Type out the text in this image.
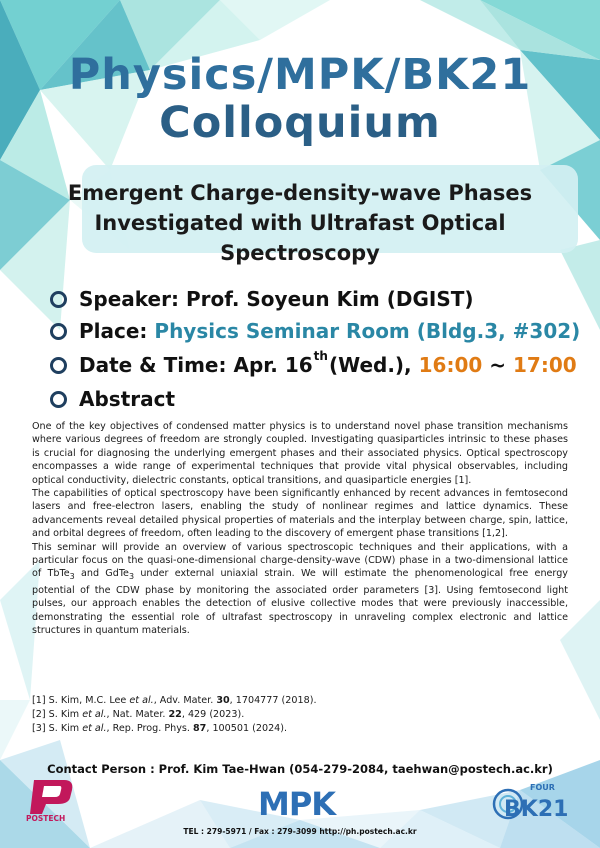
Physics/MPK/BK21
Colloquium
Emergent Charge-density-wave Phases
Investigated with Ultrafast Optical Spectroscopy
Speaker:
Prof. Soyeun Kim (DGIST)
Place:
Physics Seminar Room (Bldg.3, #302)
Date & Time:
Apr. 16 th (Wed.),
16:00 ~ 17:00
Abstract

One of the key objectives of condensed matter physics is to understand novel phase transition mechanisms where various degrees of freedom are strongly coupled. Investigating quasiparticles intrinsic to these phases is crucial for diagnosing the underlying emergent phases and their associated physics. Optical spectroscopy encompasses a wide range of experimental techniques that provide vital physical observables, including optical conductivity, dielectric constants, optical transitions, and quasiparticle energies [1].

The capabilities of optical spectroscopy have been significantly enhanced by recent advances in femtosecond lasers and free-electron lasers, enabling the study of nonlinear regimes and lattice dynamics. These advancements reveal detailed physical properties of materials and the interplay between charge, spin, lattice, and orbital degrees of freedom, often leading to the discovery of emergent phase transitions [1,2].

This seminar will provide an overview of various spectroscopic techniques and their applications, with a particular focus on the quasi-one-dimensional charge-density-wave (CDW) phase in a two-dimensional lattice of TbTe$_3$ and GdTe$_3$ under external uniaxial strain. We will estimate the phenomenological free energy potential of the CDW phase by monitoring the associated order parameters [3]. Using femtosecond light pulses, our approach enables the detection of elusive collective modes that were previously inaccessible, demonstrating the essential role of ultrafast spectroscopy in unraveling complex electronic and lattice structures in quantum materials.

[1] S. Kim, M.C. Lee et al., Adv. Mater. 30, 1704777 (2018).
[2] S. Kim et al., Nat. Mater. 22, 429 (2023).
[3] S. Kim et al., Rep. Prog. Phys. 87, 100501 (2024).
Contact Person : Prof. Kim Tae-Hwan (054-279-2084, taehwan@postech.ac.kr)
POSTECH	MPK	FOUR
BK21
TEL : 279-5971 / Fax : 279-3099 http://ph.postech.ac.kr
